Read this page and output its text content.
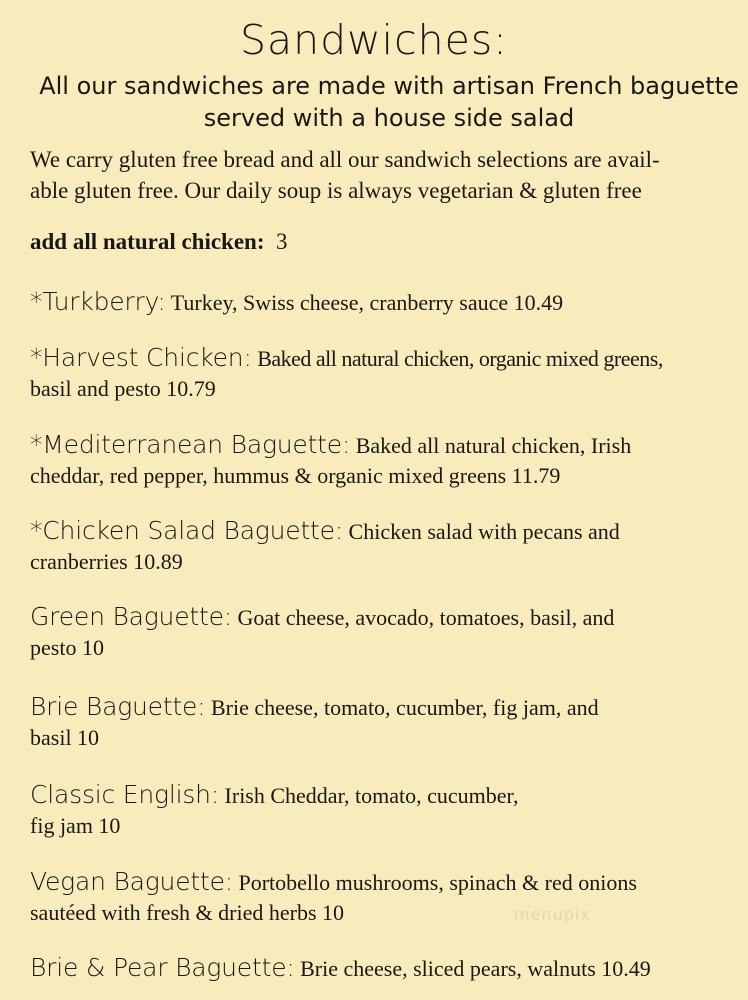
Sandwiches:
All our sandwiches are made with artisan French baguette
served with a house side salad
We carry gluten free bread and all our sandwich selections are avail-
able gluten free. Our daily soup is always vegetarian & gluten free
add all natural chicken: 3
*Turkberry: Turkey, Swiss cheese, cranberry sauce 10.49
*Harvest Chicken: Baked all natural chicken, organic mixed greens,
basil and pesto 10.79
*Mediterranean Baguette: Baked all natural chicken, Irish
cheddar, red pepper, hummus & organic mixed greens 11.79
*Chicken Salad Baguette: Chicken salad with pecans and
cranberries 10.89
Green Baguette: Goat cheese, avocado, tomatoes, basil, and
pesto 10
Brie Baguette: Brie cheese, tomato, cucumber, fig jam, and
basil 10
Classic English: Irish Cheddar, tomato, cucumber,
fig jam 10
Vegan Baguette: Portobello mushrooms, spinach & red onions
sautéed with fresh & dried herbs 10
Brie & Pear Baguette: Brie cheese, sliced pears, walnuts 10.49
menupix
